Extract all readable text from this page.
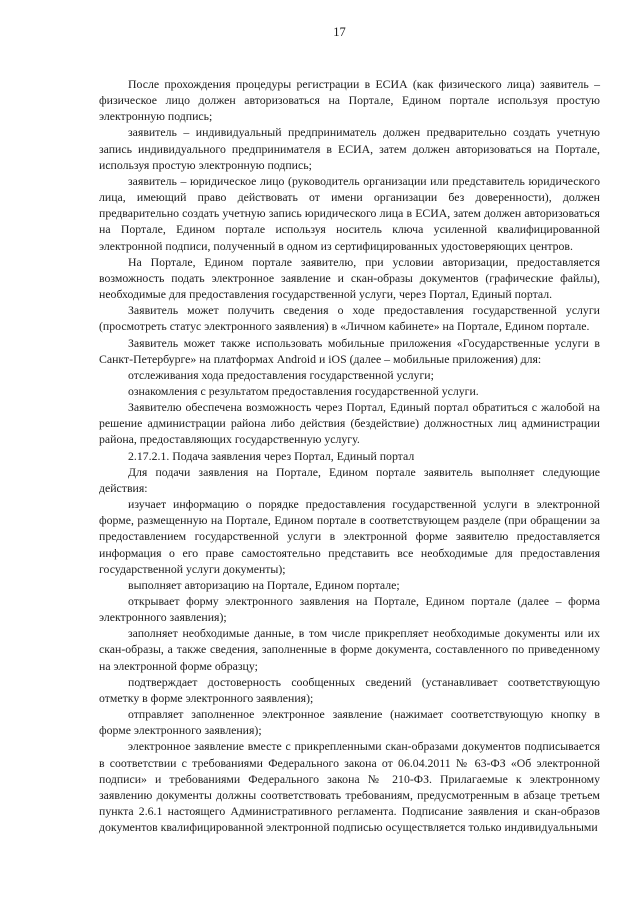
17

После прохождения процедуры регистрации в ЕСИА (как физического лица) заявитель – физическое лицо должен авторизоваться на Портале, Едином портале используя простую электронную подпись;

заявитель – индивидуальный предприниматель должен предварительно создать учетную запись индивидуального предпринимателя в ЕСИА, затем должен авторизоваться на Портале, используя простую электронную подпись;

заявитель – юридическое лицо (руководитель организации или представитель юридического лица, имеющий право действовать от имени организации без доверенности), должен предварительно создать учетную запись юридического лица в ЕСИА, затем должен авторизоваться на Портале, Едином портале используя носитель ключа усиленной квалифицированной электронной подписи, полученный в одном из сертифицированных удостоверяющих центров.

На Портале, Едином портале заявителю, при условии авторизации, предоставляется возможность подать электронное заявление и скан-образы документов (графические файлы), необходимые для предоставления государственной услуги, через Портал, Единый портал.

Заявитель может получить сведения о ходе предоставления государственной услуги (просмотреть статус электронного заявления) в «Личном кабинете» на Портале, Едином портале.

Заявитель может также использовать мобильные приложения «Государственные услуги в Санкт-Петербурге» на платформах Android и iOS (далее – мобильные приложения) для:

отслеживания хода предоставления государственной услуги;

ознакомления с результатом предоставления государственной услуги.

Заявителю обеспечена возможность через Портал, Единый портал обратиться с жалобой на решение администрации района либо действия (бездействие) должностных лиц администрации района, предоставляющих государственную услугу.

2.17.2.1. Подача заявления через Портал, Единый портал

Для подачи заявления на Портале, Едином портале заявитель выполняет следующие действия:

изучает информацию о порядке предоставления государственной услуги в электронной форме, размещенную на Портале, Едином портале в соответствующем разделе (при обращении за предоставлением государственной услуги в электронной форме заявителю предоставляется информация о его праве самостоятельно представить все необходимые для предоставления государственной услуги документы);

выполняет авторизацию на Портале, Едином портале;

открывает форму электронного заявления на Портале, Едином портале (далее – форма электронного заявления);

заполняет необходимые данные, в том числе прикрепляет необходимые документы или их скан-образы, а также сведения, заполненные в форме документа, составленного по приведенному на электронной форме образцу;

подтверждает достоверность сообщенных сведений (устанавливает соответствующую отметку в форме электронного заявления);

отправляет заполненное электронное заявление (нажимает соответствующую кнопку в форме электронного заявления);

электронное заявление вместе с прикрепленными скан-образами документов подписывается в соответствии с требованиями Федерального закона от 06.04.2011 № 63-ФЗ «Об электронной подписи» и требованиями Федерального закона № 210-ФЗ. Прилагаемые к электронному заявлению документы должны соответствовать требованиям, предусмотренным в абзаце третьем пункта 2.6.1 настоящего Административного регламента. Подписание заявления и скан-образов документов квалифицированной электронной подписью осуществляется только индивидуальными
